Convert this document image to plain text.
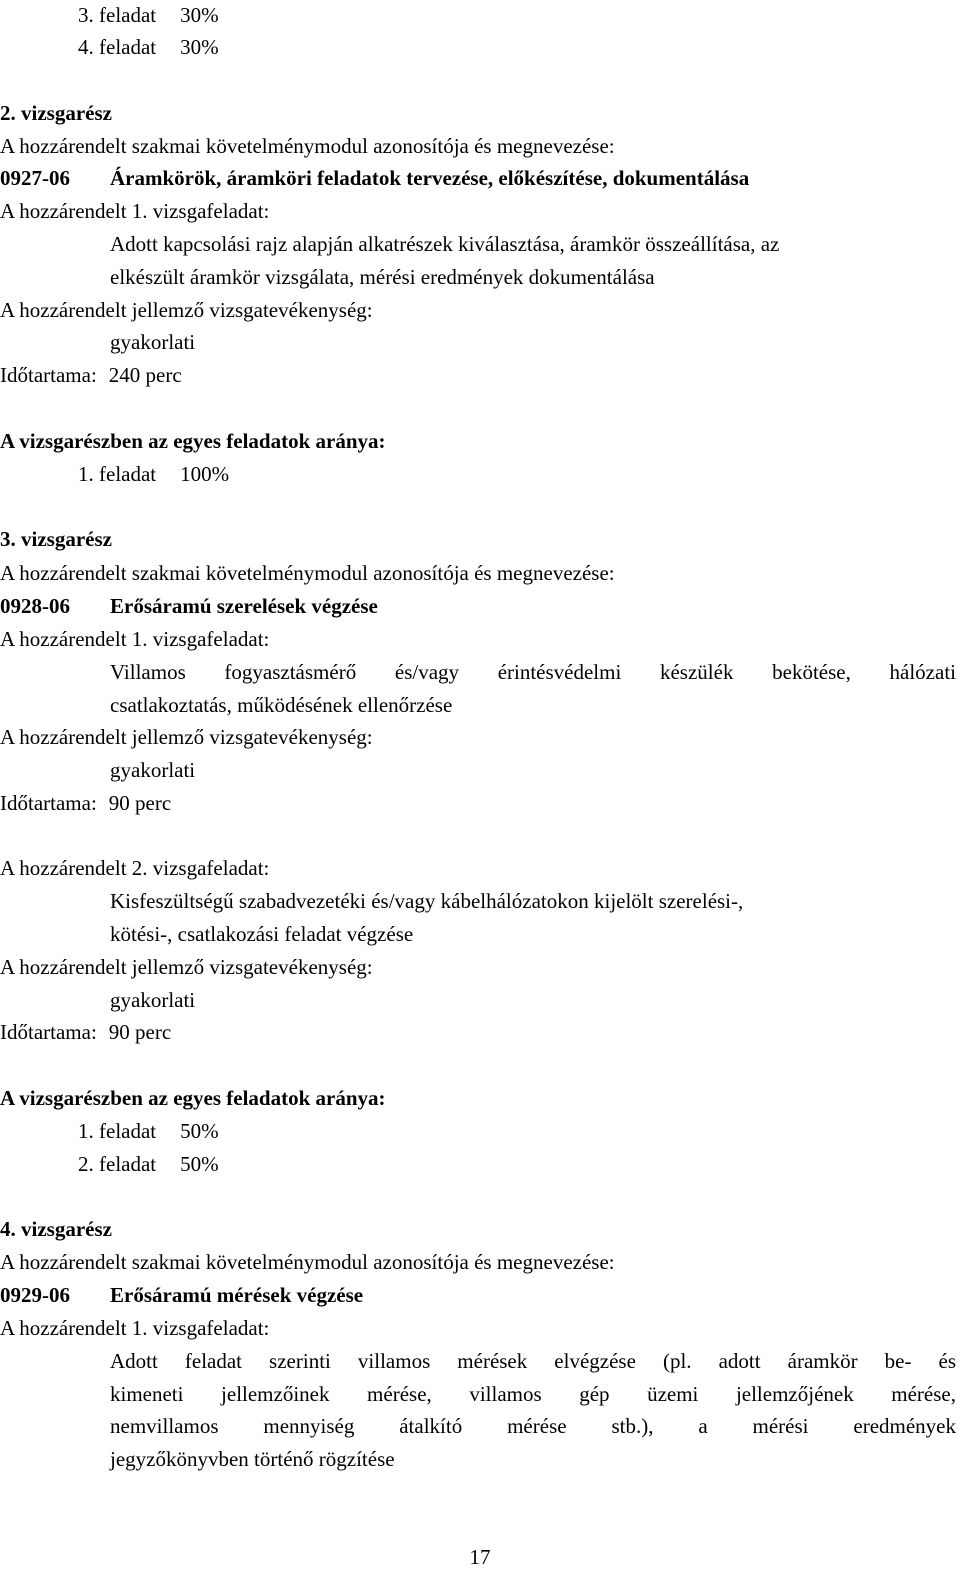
3. feladat 30%
4. feladat 30%
2. vizsgarész
A hozzárendelt szakmai követelménymodul azonosítója és megnevezése:
0927-06 Áramkörök, áramköri feladatok tervezése, előkészítése, dokumentálása
A hozzárendelt 1. vizsgafeladat:
Adott kapcsolási rajz alapján alkatrészek kiválasztása, áramkör összeállítása, az
elkészült áramkör vizsgálata, mérési eredmények dokumentálása
A hozzárendelt jellemző vizsgatevékenység:
gyakorlati
Időtartama: 240 perc
A vizsgarészben az egyes feladatok aránya:
1. feladat 100%
3. vizsgarész
A hozzárendelt szakmai követelménymodul azonosítója és megnevezése:
0928-06 Erősáramú szerelések végzése
A hozzárendelt 1. vizsgafeladat:
Villamos fogyasztásmérő és/vagy érintésvédelmi készülék bekötése, hálózati
csatlakoztatás, működésének ellenőrzése
A hozzárendelt jellemző vizsgatevékenység:
gyakorlati
Időtartama: 90 perc
A hozzárendelt 2. vizsgafeladat:
Kisfeszültségű szabadvezetéki és/vagy kábelhálózatokon kijelölt szerelési-,
kötési-, csatlakozási feladat végzése
A hozzárendelt jellemző vizsgatevékenység:
gyakorlati
Időtartama: 90 perc
A vizsgarészben az egyes feladatok aránya:
1. feladat 50%
2. feladat 50%
4. vizsgarész
A hozzárendelt szakmai követelménymodul azonosítója és megnevezése:
0929-06 Erősáramú mérések végzése
A hozzárendelt 1. vizsgafeladat:
Adott feladat szerinti villamos mérések elvégzése (pl. adott áramkör be- és
kimeneti jellemzőinek mérése, villamos gép üzemi jellemzőjének mérése,
nemvillamos mennyiség átalkító mérése stb.), a mérési eredmények
jegyzőkönyvben történő rögzítése
17
